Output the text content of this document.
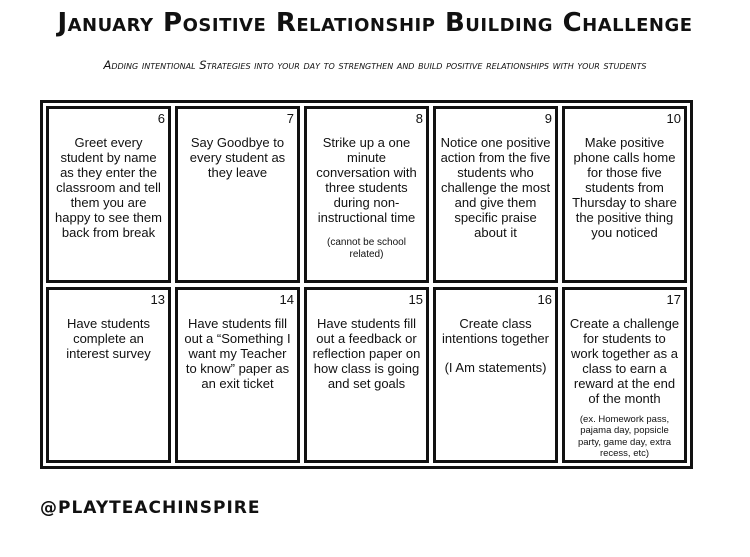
January Positive Relationship Building Challenge
Adding intentional Strategies into your day to strengthen and build positive relationships with your students
6
Greet every student by name as they enter the classroom and tell them you are happy to see them back from break
7
Say Goodbye to every student as they leave
8
Strike up a one minute conversation with three students during non-instructional time
(cannot be school related)
9
Notice one positive action from the five students who challenge the most and give them specific praise about it
10
Make positive phone calls home for those five students from Thursday to share the positive thing you noticed
13
Have students complete an interest survey
14
Have students fill out a “Something I want my Teacher to know” paper as an exit ticket
15
Have students fill out a feedback or reflection paper on how class is going and set goals
16
Create class intentions together
(I Am statements)
17
Create a challenge for students to work together as a class to earn a reward at the end of the month
(ex. Homework pass, pajama day, popsicle party, game day, extra recess, etc)
@PLAYTEACHINSPIRE
